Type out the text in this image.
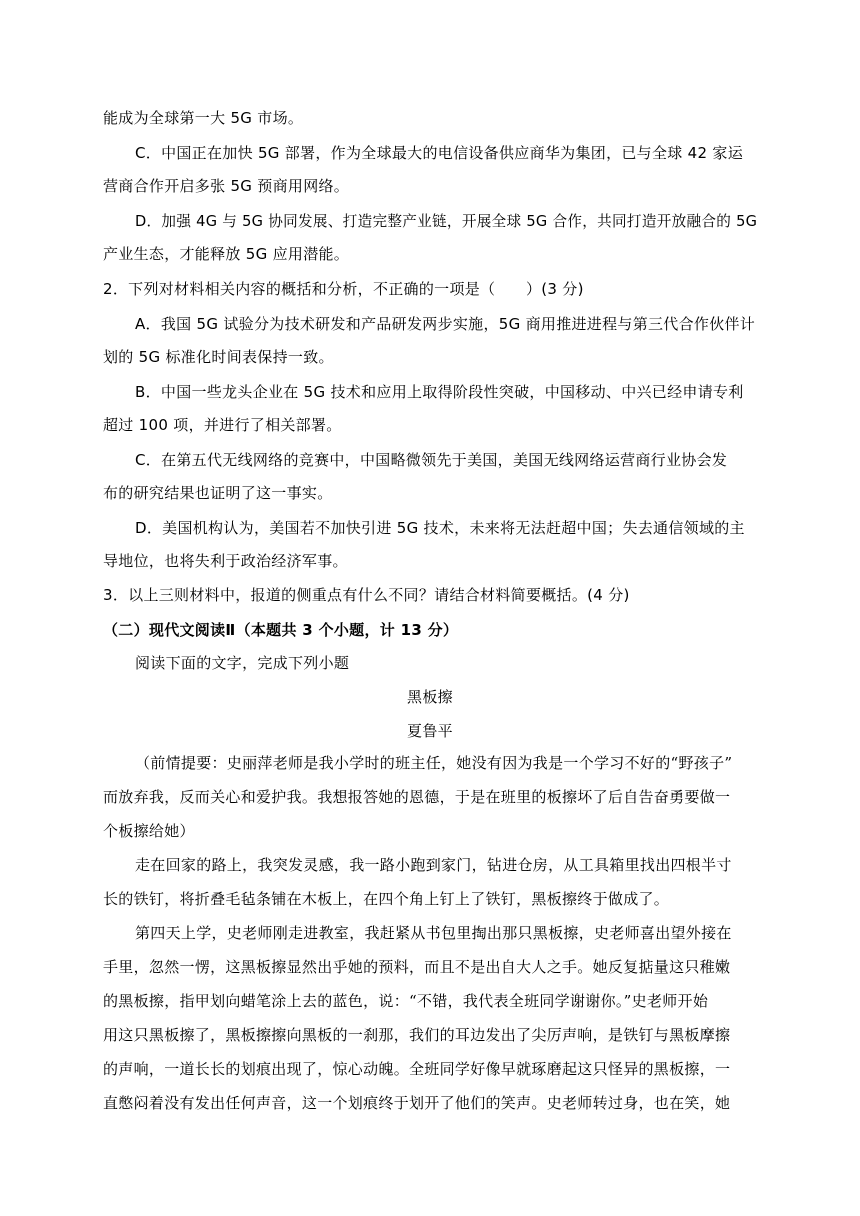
能成为全球第一大 5G 市场。

C．中国正在加快 5G 部署，作为全球最大的电信设备供应商华为集团，已与全球 42 家运

营商合作开启多张 5G 预商用网络。

D．加强 4G 与 5G 协同发展、打造完整产业链，开展全球 5G 合作，共同打造开放融合的 5G

产业生态，才能释放 5G 应用潜能。

2．下列对材料相关内容的概括和分析，不正确的一项是（　　）(3 分)

A．我国 5G 试验分为技术研发和产品研发两步实施，5G 商用推进进程与第三代合作伙伴计

划的 5G 标准化时间表保持一致。

B．中国一些龙头企业在 5G 技术和应用上取得阶段性突破，中国移动、中兴已经申请专利

超过 100 项，并进行了相关部署。

C．在第五代无线网络的竞赛中，中国略微领先于美国，美国无线网络运营商行业协会发

布的研究结果也证明了这一事实。

D．美国机构认为，美国若不加快引进 5G 技术，未来将无法赶超中国；失去通信领域的主

导地位，也将失利于政治经济军事。

3．以上三则材料中，报道的侧重点有什么不同？请结合材料简要概括。(4 分)

（二）现代文阅读Ⅱ（本题共 3 个小题，计 13 分）

阅读下面的文字，完成下列小题

黑板擦

夏鲁平

（前情提要：史丽萍老师是我小学时的班主任，她没有因为我是一个学习不好的“野孩子”

而放弃我，反而关心和爱护我。我想报答她的恩德，于是在班里的板擦坏了后自告奋勇要做一

个板擦给她）

走在回家的路上，我突发灵感，我一路小跑到家门，钻进仓房，从工具箱里找出四根半寸

长的铁钉，将折叠毛毡条铺在木板上，在四个角上钉上了铁钉，黑板擦终于做成了。

第四天上学，史老师刚走进教室，我赶紧从书包里掏出那只黑板擦，史老师喜出望外接在

手里，忽然一愣，这黑板擦显然出乎她的预料，而且不是出自大人之手。她反复掂量这只稚嫩

的黑板擦，指甲划向蜡笔涂上去的蓝色，说：“不错，我代表全班同学谢谢你。”史老师开始

用这只黑板擦了，黑板擦擦向黑板的一刹那，我们的耳边发出了尖厉声响，是铁钉与黑板摩擦

的声响，一道长长的划痕出现了，惊心动魄。全班同学好像早就琢磨起这只怪异的黑板擦，一

直憋闷着没有发出任何声音，这一个划痕终于划开了他们的笑声。史老师转过身，也在笑，她
